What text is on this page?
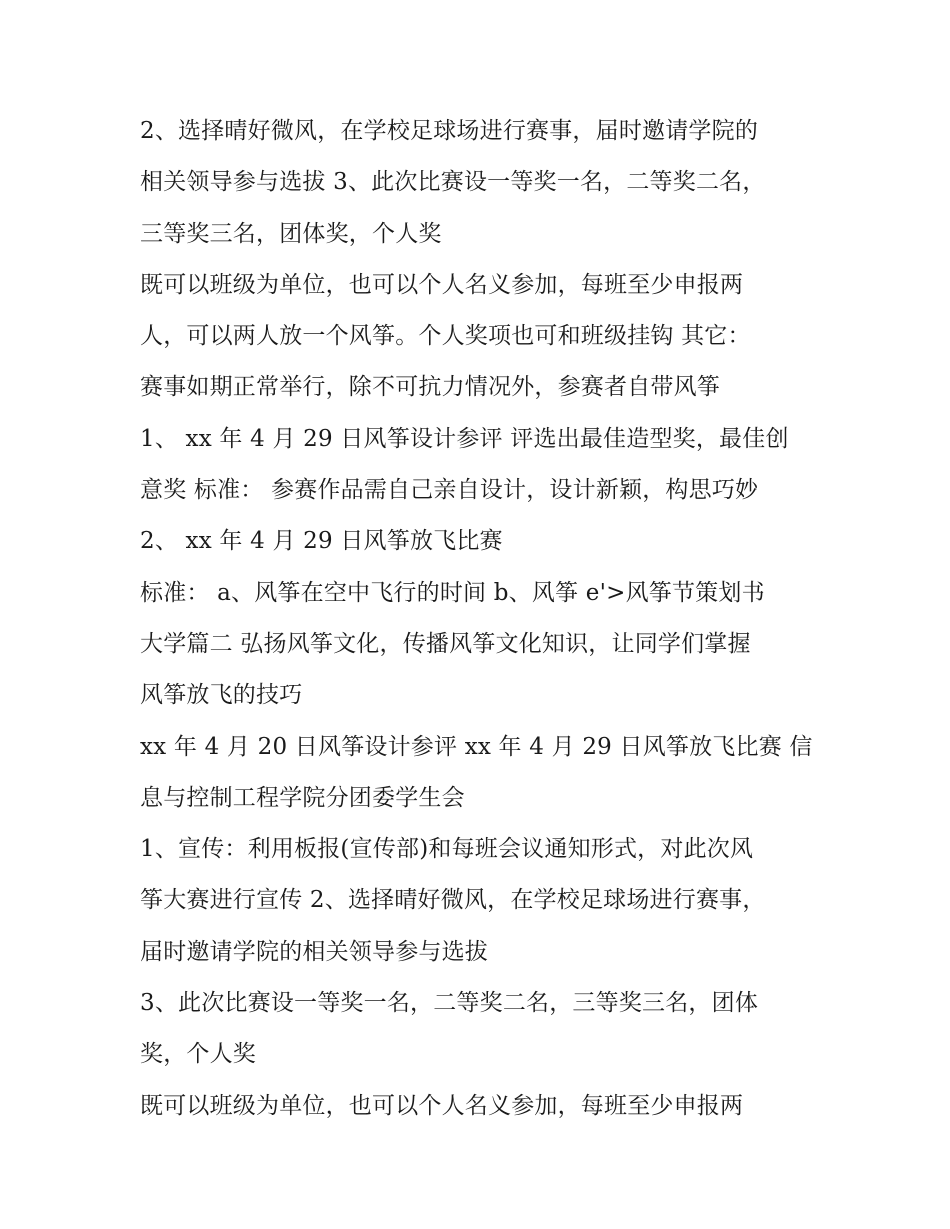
2、选择晴好微风，在学校足球场进行赛事，届时邀请学院的
相关领导参与选拔 3、此次比赛设一等奖一名，二等奖二名，
三等奖三名，团体奖，个人奖
既可以班级为单位，也可以个人名义参加，每班至少申报两
人，可以两人放一个风筝。个人奖项也可和班级挂钩 其它：
赛事如期正常举行，除不可抗力情况外，参赛者自带风筝
1、 xx 年 4 月 29 日风筝设计参评 评选出最佳造型奖，最佳创
意奖 标准： 参赛作品需自己亲自设计，设计新颖，构思巧妙
2、 xx 年 4 月 29 日风筝放飞比赛
标准： a、风筝在空中飞行的时间 b、风筝 e'>风筝节策划书
大学篇二 弘扬风筝文化，传播风筝文化知识，让同学们掌握
风筝放飞的技巧
xx 年 4 月 20 日风筝设计参评 xx 年 4 月 29 日风筝放飞比赛 信
息与控制工程学院分团委学生会
1、宣传：利用板报(宣传部)和每班会议通知形式，对此次风
筝大赛进行宣传 2、选择晴好微风，在学校足球场进行赛事，
届时邀请学院的相关领导参与选拔
3、此次比赛设一等奖一名，二等奖二名，三等奖三名，团体
奖，个人奖
既可以班级为单位，也可以个人名义参加，每班至少申报两
